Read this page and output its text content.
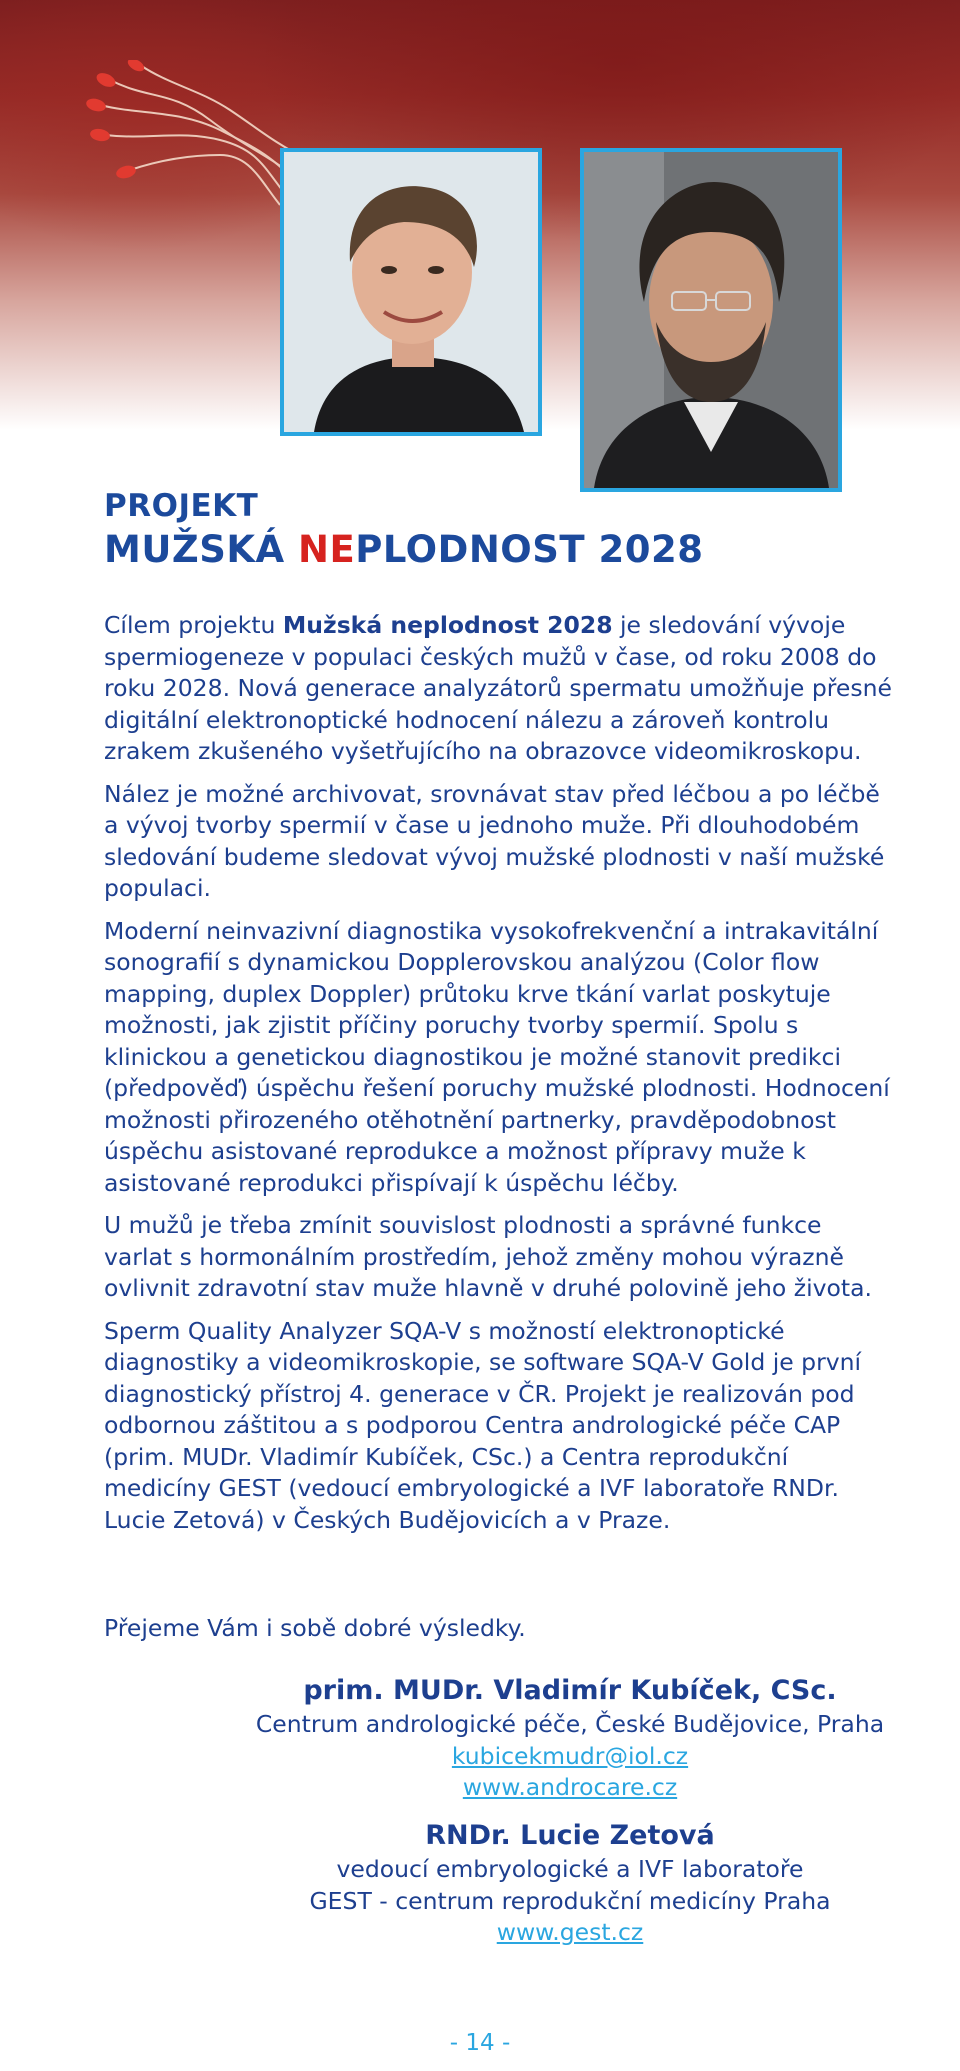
PROJEKT
MUŽSKÁ NEPLODNOST 2028

Cílem projektu Mužská neplodnost 2028 je sledování vývoje spermiogeneze v populaci českých mužů v čase, od roku 2008 do roku 2028. Nová generace analyzátorů spermatu umožňuje přesné digitální elektronoptické hodnocení nálezu a zároveň kontrolu zrakem zkušeného vyšetřujícího na obrazovce videomikroskopu.

Nález je možné archivovat, srovnávat stav před léčbou a po léčbě a vývoj tvorby spermií v čase u jednoho muže. Při dlouhodobém sledování budeme sledovat vývoj mužské plodnosti v naší mužské populaci.

Moderní neinvazivní diagnostika vysokofrekvenční a intrakavitální sonografií s dynamickou Dopplerovskou analýzou (Color flow mapping, duplex Doppler) průtoku krve tkání varlat poskytuje možnosti, jak zjistit příčiny poruchy tvorby spermií. Spolu s klinickou a genetickou diagnostikou je možné stanovit predikci (předpověď) úspěchu řešení poruchy mužské plodnosti. Hodnocení možnosti přirozeného otěhotnění partnerky, pravděpodobnost úspěchu asistované reprodukce a možnost přípravy muže k asistované reprodukci přispívají k úspěchu léčby.

U mužů je třeba zmínit souvislost plodnosti a správné funkce varlat s hormonálním prostředím, jehož změny mohou výrazně ovlivnit zdravotní stav muže hlavně v druhé polovině jeho života.

Sperm Quality Analyzer SQA-V s možností elektronoptické diagnostiky a videomikroskopie, se software SQA-V Gold je první diagnostický přístroj 4. generace v ČR. Projekt je realizován pod odbornou záštitou a s podporou Centra andrologické péče CAP (prim. MUDr. Vladimír Kubíček, CSc.) a Centra reprodukční medicíny GEST (vedoucí embryologické a IVF laboratoře RNDr. Lucie Zetová) v Českých Budějovicích a v Praze.

Přejeme Vám i sobě dobré výsledky.

prim. MUDr. Vladimír Kubíček, CSc.
Centrum andrologické péče, České Budějovice, Praha
kubicekmudr@iol.cz
www.androcare.cz
RNDr. Lucie Zetová
vedoucí embryologické a IVF laboratoře
GEST - centrum reprodukční medicíny Praha
www.gest.cz
- 14 -
